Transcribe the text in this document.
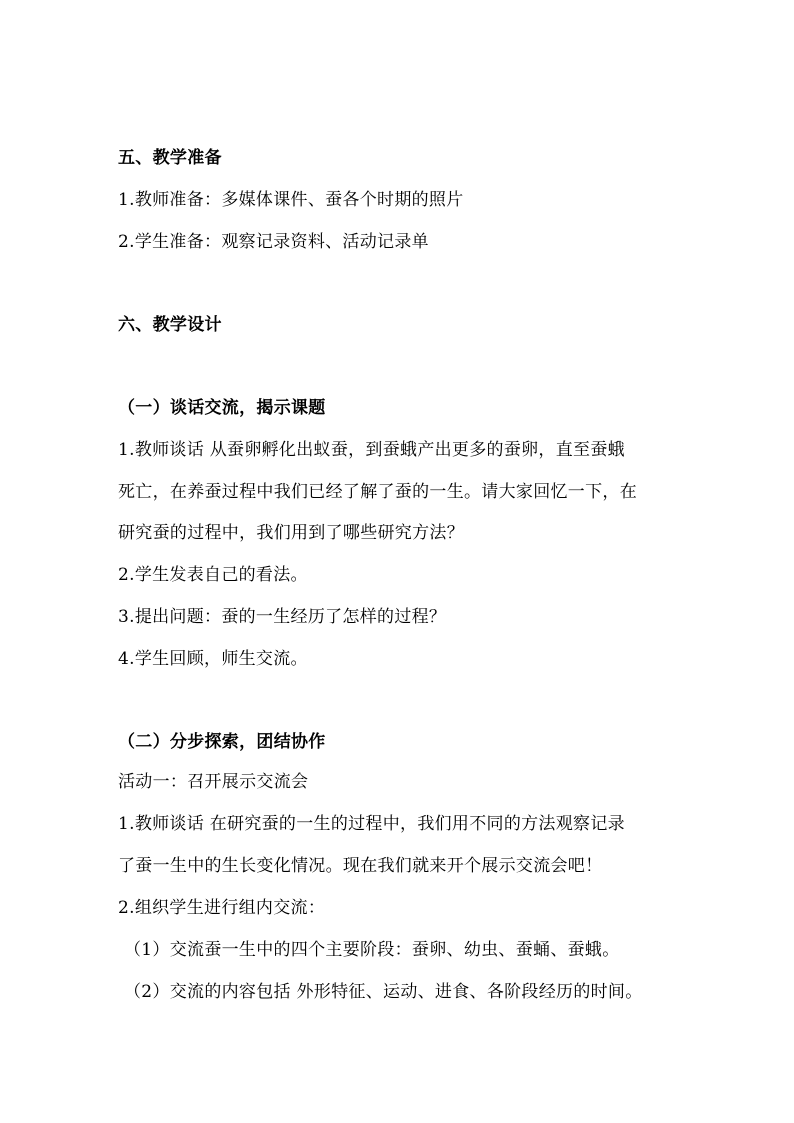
五、教学准备
1.教师准备：多媒体课件、蚕各个时期的照片
2.学生准备：观察记录资料、活动记录单
六、教学设计
（一）谈话交流，揭示课题
1.教师谈话 从蚕卵孵化出蚁蚕，到蚕蛾产出更多的蚕卵，直至蚕蛾
死亡，在养蚕过程中我们已经了解了蚕的一生。请大家回忆一下，在
研究蚕的过程中，我们用到了哪些研究方法？
2.学生发表自己的看法。
3.提出问题：蚕的一生经历了怎样的过程？
4.学生回顾，师生交流。
（二）分步探索，团结协作
活动一：召开展示交流会
1.教师谈话 在研究蚕的一生的过程中，我们用不同的方法观察记录
了蚕一生中的生长变化情况。现在我们就来开个展示交流会吧！
2.组织学生进行组内交流：
（1）交流蚕一生中的四个主要阶段：蚕卵、幼虫、蚕蛹、蚕蛾。
（2）交流的内容包括 外形特征、运动、进食、各阶段经历的时间。
